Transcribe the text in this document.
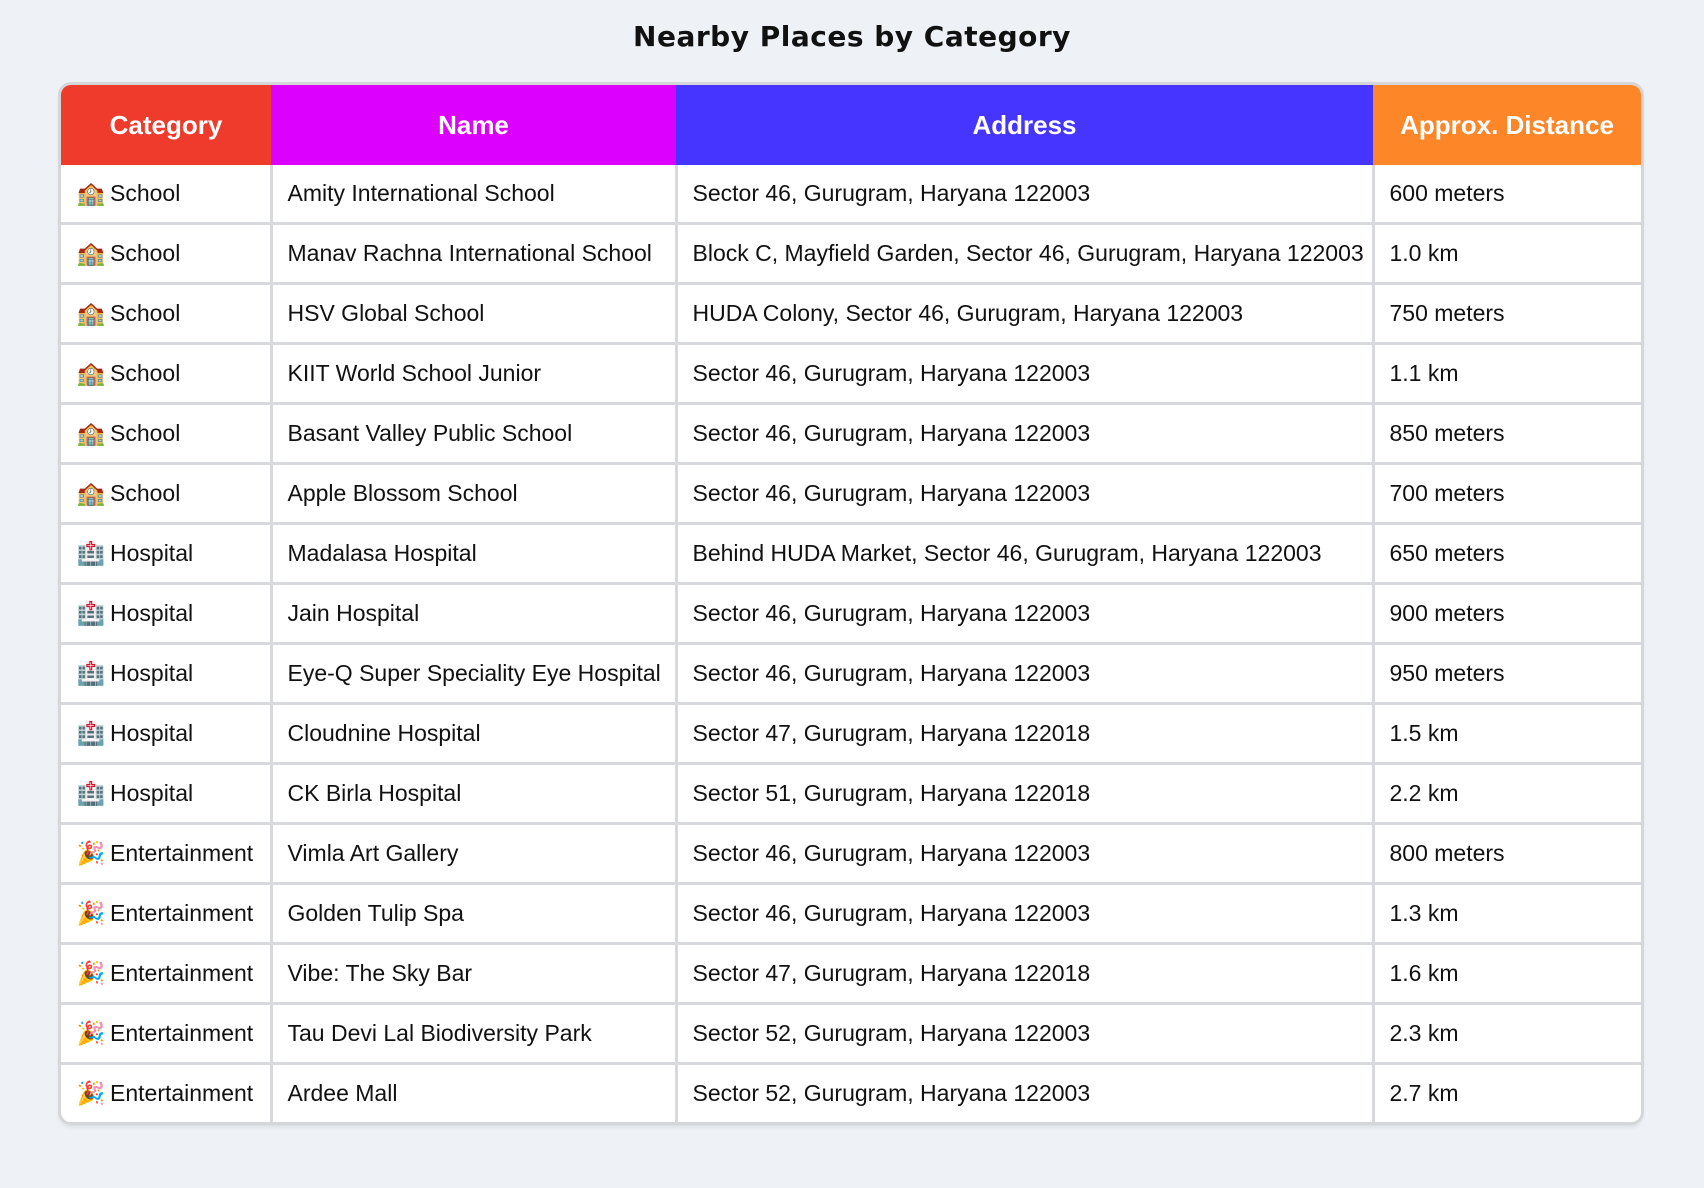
Nearby Places by Category
Category	Name	Address	Approx. Distance
🏫 School	Amity International School	Sector 46, Gurugram, Haryana 122003	600 meters
🏫 School	Manav Rachna International School	Block C, Mayfield Garden, Sector 46, Gurugram, Haryana 122003	1.0 km
🏫 School	HSV Global School	HUDA Colony, Sector 46, Gurugram, Haryana 122003	750 meters
🏫 School	KIIT World School Junior	Sector 46, Gurugram, Haryana 122003	1.1 km
🏫 School	Basant Valley Public School	Sector 46, Gurugram, Haryana 122003	850 meters
🏫 School	Apple Blossom School	Sector 46, Gurugram, Haryana 122003	700 meters
🏥 Hospital	Madalasa Hospital	Behind HUDA Market, Sector 46, Gurugram, Haryana 122003	650 meters
🏥 Hospital	Jain Hospital	Sector 46, Gurugram, Haryana 122003	900 meters
🏥 Hospital	Eye-Q Super Speciality Eye Hospital	Sector 46, Gurugram, Haryana 122003	950 meters
🏥 Hospital	Cloudnine Hospital	Sector 47, Gurugram, Haryana 122018	1.5 km
🏥 Hospital	CK Birla Hospital	Sector 51, Gurugram, Haryana 122018	2.2 km
🎉 Entertainment	Vimla Art Gallery	Sector 46, Gurugram, Haryana 122003	800 meters
🎉 Entertainment	Golden Tulip Spa	Sector 46, Gurugram, Haryana 122003	1.3 km
🎉 Entertainment	Vibe: The Sky Bar	Sector 47, Gurugram, Haryana 122018	1.6 km
🎉 Entertainment	Tau Devi Lal Biodiversity Park	Sector 52, Gurugram, Haryana 122003	2.3 km
🎉 Entertainment	Ardee Mall	Sector 52, Gurugram, Haryana 122003	2.7 km
